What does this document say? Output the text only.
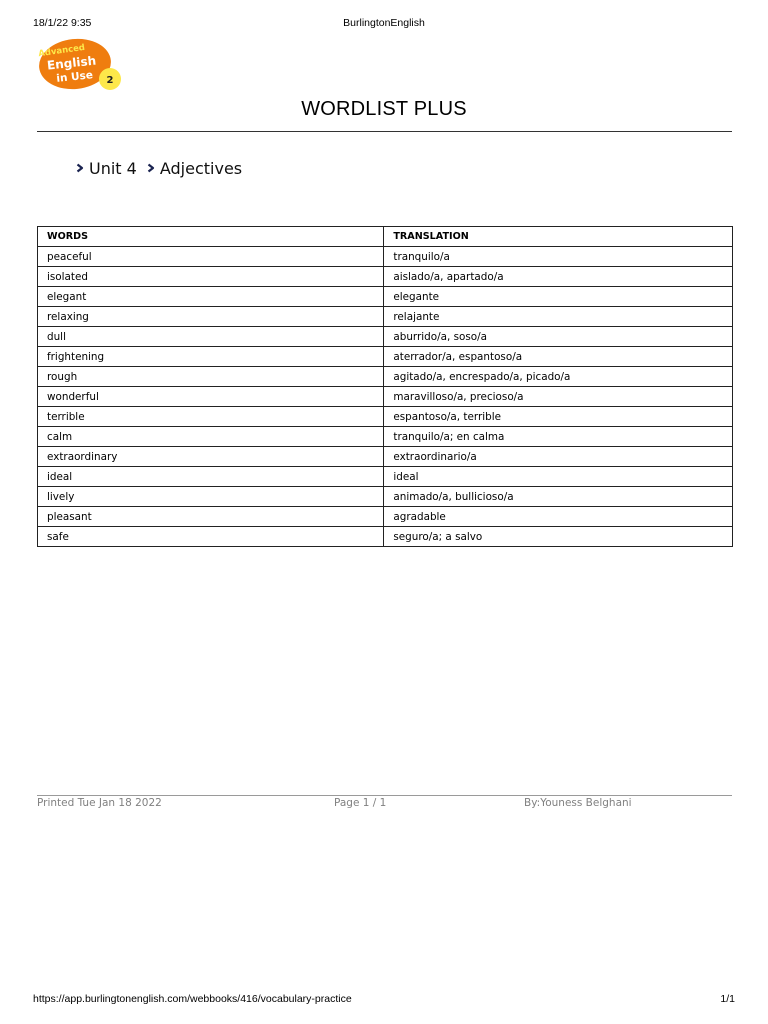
18/1/22 9:35	BurlingtonEnglish
Advanced
English
in Use 2
WORDLIST PLUS
Unit 4 Adjectives
WORDS	TRANSLATION
peaceful	tranquilo/a
isolated	aislado/a, apartado/a
elegant	elegante
relaxing	relajante
dull	aburrido/a, soso/a
frightening	aterrador/a, espantoso/a
rough	agitado/a, encrespado/a, picado/a
wonderful	maravilloso/a, precioso/a
terrible	espantoso/a, terrible
calm	tranquilo/a; en calma
extraordinary	extraordinario/a
ideal	ideal
lively	animado/a, bullicioso/a
pleasant	agradable
safe	seguro/a; a salvo
Printed Tue Jan 18 2022	Page 1 / 1	By:Youness Belghani
https://app.burlingtonenglish.com/webbooks/416/vocabulary-practice	1/1
